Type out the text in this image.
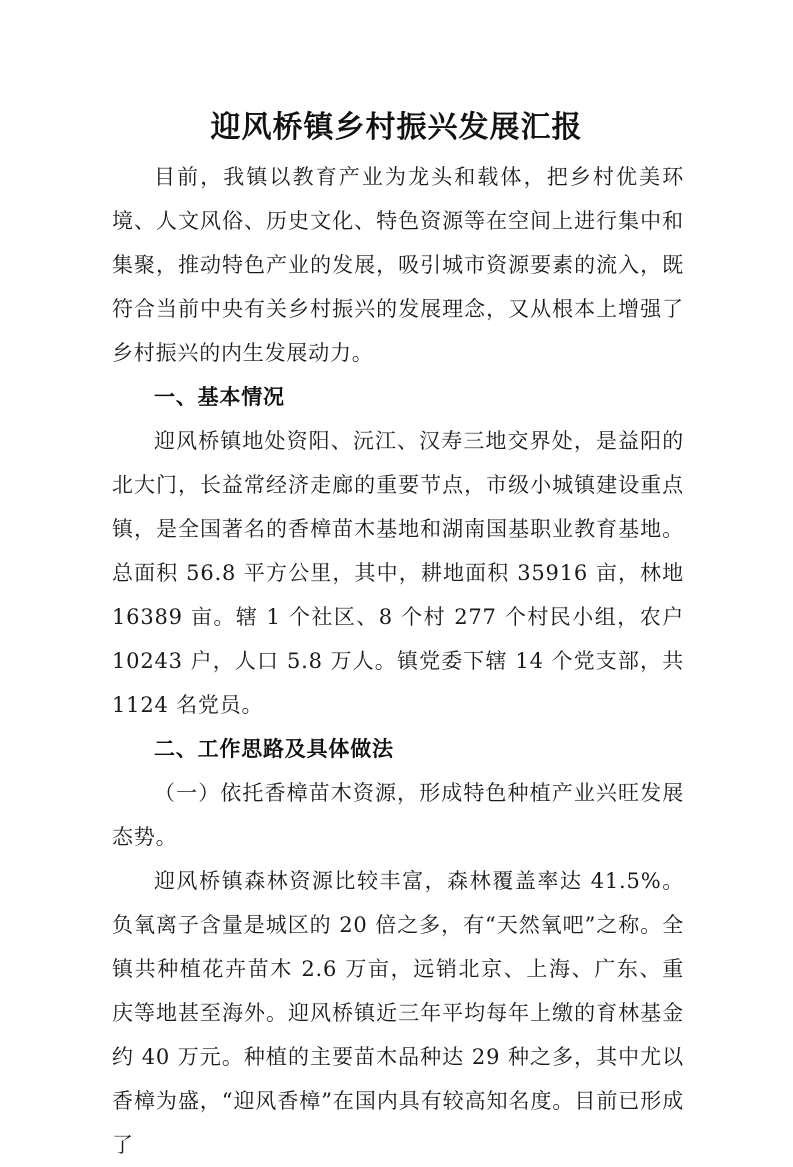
迎风桥镇乡村振兴发展汇报

目前，我镇以教育产业为龙头和载体，把乡村优美环境、人文风俗、历史文化、特色资源等在空间上进行集中和集聚，推动特色产业的发展，吸引城市资源要素的流入，既符合当前中央有关乡村振兴的发展理念，又从根本上增强了乡村振兴的内生发展动力。

一、基本情况

迎风桥镇地处资阳、沅江、汉寿三地交界处，是益阳的北大门，长益常经济走廊的重要节点，市级小城镇建设重点镇，是全国著名的香樟苗木基地和湖南国基职业教育基地。总面积 56.8 平方公里，其中，耕地面积 35916 亩，林地 16389 亩。辖 1 个社区、8 个村 277 个村民小组，农户 10243 户，人口 5.8 万人。镇党委下辖 14 个党支部，共 1124 名党员。

二、工作思路及具体做法

（一）依托香樟苗木资源，形成特色种植产业兴旺发展态势。

迎风桥镇森林资源比较丰富，森林覆盖率达 41.5%。负氧离子含量是城区的 20 倍之多，有“天然氧吧”之称。全镇共种植花卉苗木 2.6 万亩，远销北京、上海、广东、重庆等地甚至海外。迎风桥镇近三年平均每年上缴的育林基金约 40 万元。种植的主要苗木品种达 29 种之多，其中尤以香樟为盛，“迎风香樟”在国内具有较高知名度。目前已形成了
